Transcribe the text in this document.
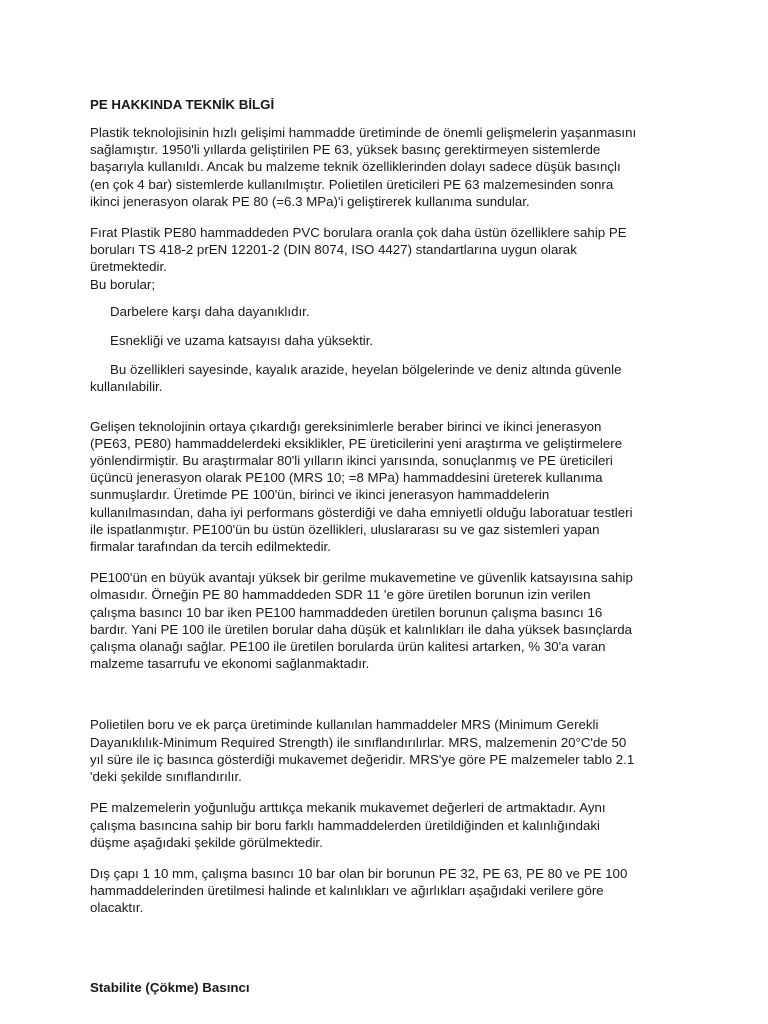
PE HAKKINDA TEKNİK BİLGİ
Plastik teknolojisinin hızlı gelişimi hammadde üretiminde de önemli gelişmelerin yaşanmasını
sağlamıştır. 1950'li yıllarda geliştirilen PE 63, yüksek basınç gerektirmeyen sistemlerde
başarıyla kullanıldı. Ancak bu malzeme teknik özelliklerinden dolayı sadece düşük basınçlı
(en çok 4 bar) sistemlerde kullanılmıştır. Polietilen üreticileri PE 63 malzemesinden sonra
ikinci jenerasyon olarak PE 80 (=6.3 MPa)'i geliştirerek kullanıma sundular.
Fırat Plastik PE80 hammaddeden PVC borulara oranla çok daha üstün özelliklere sahip PE
boruları TS 418-2 prEN 12201-2 (DIN 8074, ISO 4427) standartlarına uygun olarak
üretmektedir.
Bu borular;
Darbelere karşı daha dayanıklıdır.
Esnekliği ve uzama katsayısı daha yüksektir.
Bu özellikleri sayesinde, kayalık arazide, heyelan bölgelerinde ve deniz altında güvenle
kullanılabilir.
Gelişen teknolojinin ortaya çıkardığı gereksinimlerle beraber birinci ve ikinci jenerasyon
(PE63, PE80) hammaddelerdeki eksiklikler, PE üreticilerini yeni araştırma ve geliştirmelere
yönlendirmiştir. Bu araştırmalar 80'li yılların ikinci yarısında, sonuçlanmış ve PE üreticileri
üçüncü jenerasyon olarak PE100 (MRS 10; =8 MPa) hammaddesini üreterek kullanıma
sunmuşlardır. Üretimde PE 100'ün, birinci ve ikinci jenerasyon hammaddelerin
kullanılmasından, daha iyi performans gösterdiği ve daha emniyetli olduğu laboratuar testleri
ile ispatlanmıştır. PE100'ün bu üstün özellikleri, uluslararası su ve gaz sistemleri yapan
firmalar tarafından da tercih edilmektedir.
PE100'ün en büyük avantajı yüksek bir gerilme mukavemetine ve güvenlik katsayısına sahip
olmasıdır. Örneğin PE 80 hammaddeden SDR 11 'e göre üretilen borunun izin verilen
çalışma basıncı 10 bar iken PE100 hammaddeden üretilen borunun çalışma basıncı 16
bardır. Yani PE 100 ile üretilen borular daha düşük et kalınlıkları ile daha yüksek basınçlarda
çalışma olanağı sağlar. PE100 ile üretilen borularda ürün kalitesi artarken, % 30'a varan
malzeme tasarrufu ve ekonomi sağlanmaktadır.
Polietilen boru ve ek parça üretiminde kullanılan hammaddeler MRS (Minimum Gerekli
Dayanıklılık-Minimum Required Strength) ile sınıflandırılırlar. MRS, malzemenin 20°C'de 50
yıl süre ile iç basınca gösterdiği mukavemet değeridir. MRS'ye göre PE malzemeler tablo 2.1
'deki şekilde sınıflandırılır.
PE malzemelerin yoğunluğu arttıkça mekanik mukavemet değerleri de artmaktadır. Aynı
çalışma basıncına sahip bir boru farklı hammaddelerden üretildiğinden et kalınlığındaki
düşme aşağıdaki şekilde görülmektedir.
Dış çapı 1 10 mm, çalışma basıncı 10 bar olan bir borunun PE 32, PE 63, PE 80 ve PE 100
hammaddelerinden üretilmesi halinde et kalınlıkları ve ağırlıkları aşağıdaki verilere göre
olacaktır.
Stabilite (Çökme) Basıncı
